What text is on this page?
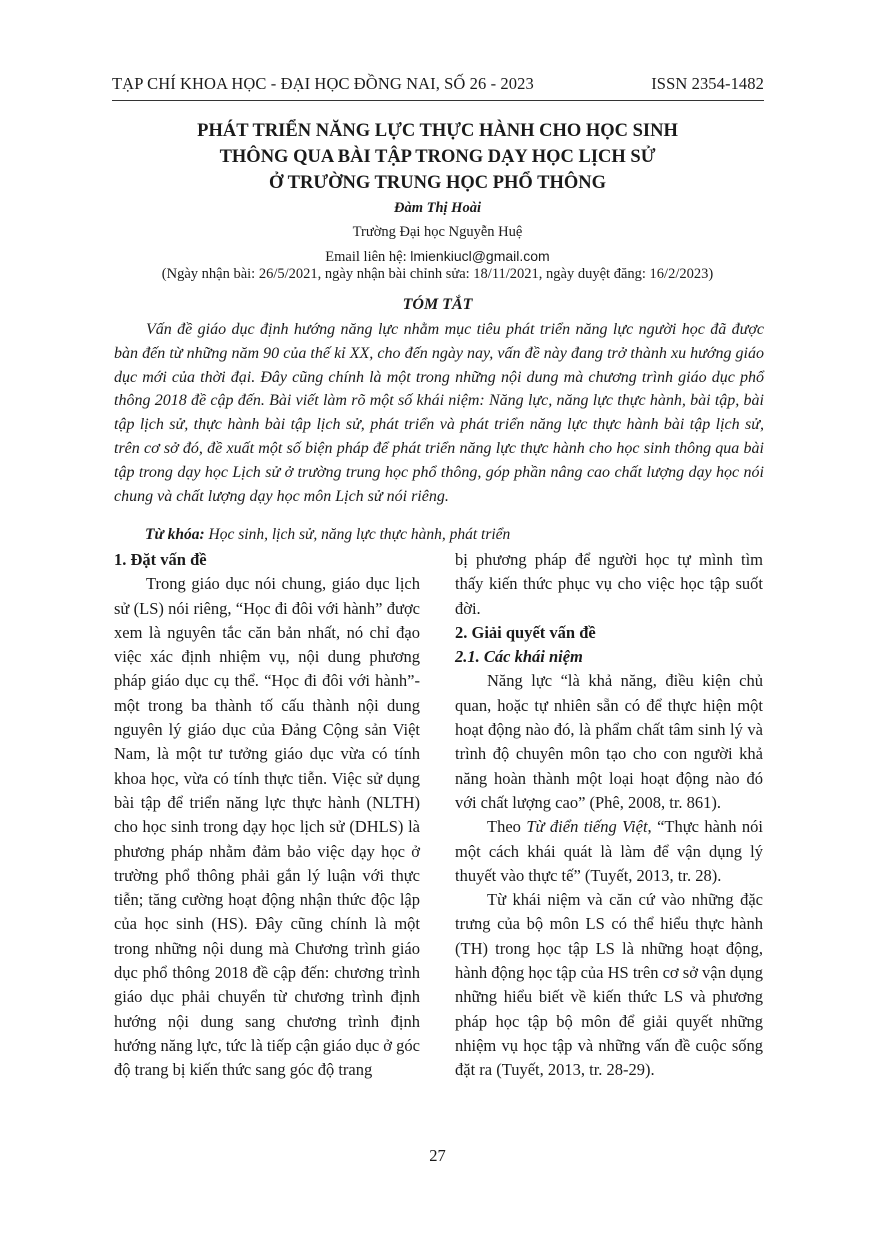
TẠP CHÍ KHOA HỌC - ĐẠI HỌC ĐỒNG NAI, SỐ 26 - 2023	ISSN 2354-1482
PHÁT TRIỂN NĂNG LỰC THỰC HÀNH CHO HỌC SINH
THÔNG QUA BÀI TẬP TRONG DẠY HỌC LỊCH SỬ
Ở TRƯỜNG TRUNG HỌC PHỔ THÔNG
Đàm Thị Hoài
Trường Đại học Nguyễn Huệ
Email liên hệ: lmienkiucl@gmail.com
(Ngày nhận bài: 26/5/2021, ngày nhận bài chỉnh sửa: 18/11/2021, ngày duyệt đăng: 16/2/2023)
TÓM TẮT

Vấn đề giáo dục định hướng năng lực nhằm mục tiêu phát triển năng lực người học đã được bàn đến từ những năm 90 của thế kỉ XX, cho đến ngày nay, vấn đề này đang trở thành xu hướng giáo dục mới của thời đại. Đây cũng chính là một trong những nội dung mà chương trình giáo dục phổ thông 2018 đề cập đến. Bài viết làm rõ một số khái niệm: Năng lực, năng lực thực hành, bài tập, bài tập lịch sử, thực hành bài tập lịch sử, phát triển và phát triển năng lực thực hành bài tập lịch sử, trên cơ sở đó, đề xuất một số biện pháp để phát triển năng lực thực hành cho học sinh thông qua bài tập trong dạy học Lịch sử ở trường trung học phổ thông, góp phần nâng cao chất lượng dạy học nói chung và chất lượng dạy học môn Lịch sử nói riêng.

Từ khóa: Học sinh, lịch sử, năng lực thực hành, phát triển
1. Đặt vấn đề

Trong giáo dục nói chung, giáo dục lịch sử (LS) nói riêng, “Học đi đôi với hành” được xem là nguyên tắc căn bản nhất, nó chỉ đạo việc xác định nhiệm vụ, nội dung phương pháp giáo dục cụ thể. “Học đi đôi với hành”- một trong ba thành tố cấu thành nội dung nguyên lý giáo dục của Đảng Cộng sản Việt Nam, là một tư tưởng giáo dục vừa có tính khoa học, vừa có tính thực tiễn. Việc sử dụng bài tập để triển năng lực thực hành (NLTH) cho học sinh trong dạy học lịch sử (DHLS) là phương pháp nhằm đảm bảo việc dạy học ở trường phổ thông phải gắn lý luận với thực tiễn; tăng cường hoạt động nhận thức độc lập của học sinh (HS). Đây cũng chính là một trong những nội dung mà Chương trình giáo dục phổ thông 2018 đề cập đến: chương trình giáo dục phải chuyển từ chương trình định hướng nội dung sang chương trình định hướng năng lực, tức là tiếp cận giáo dục ở góc độ trang bị kiến thức sang góc độ trang

bị phương pháp để người học tự mình tìm thấy kiến thức phục vụ cho việc học tập suốt đời.

2. Giải quyết vấn đề
2.1. Các khái niệm

Năng lực “là khả năng, điều kiện chủ quan, hoặc tự nhiên sẵn có để thực hiện một hoạt động nào đó, là phẩm chất tâm sinh lý và trình độ chuyên môn tạo cho con người khả năng hoàn thành một loại hoạt động nào đó với chất lượng cao” (Phê, 2008, tr. 861).

Theo Từ điển tiếng Việt, “Thực hành nói một cách khái quát là làm để vận dụng lý thuyết vào thực tế” (Tuyết, 2013, tr. 28).

Từ khái niệm và căn cứ vào những đặc trưng của bộ môn LS có thể hiểu thực hành (TH) trong học tập LS là những hoạt động, hành động học tập của HS trên cơ sở vận dụng những hiểu biết về kiến thức LS và phương pháp học tập bộ môn để giải quyết những nhiệm vụ học tập và những vấn đề cuộc sống đặt ra (Tuyết, 2013, tr. 28-29).

27
